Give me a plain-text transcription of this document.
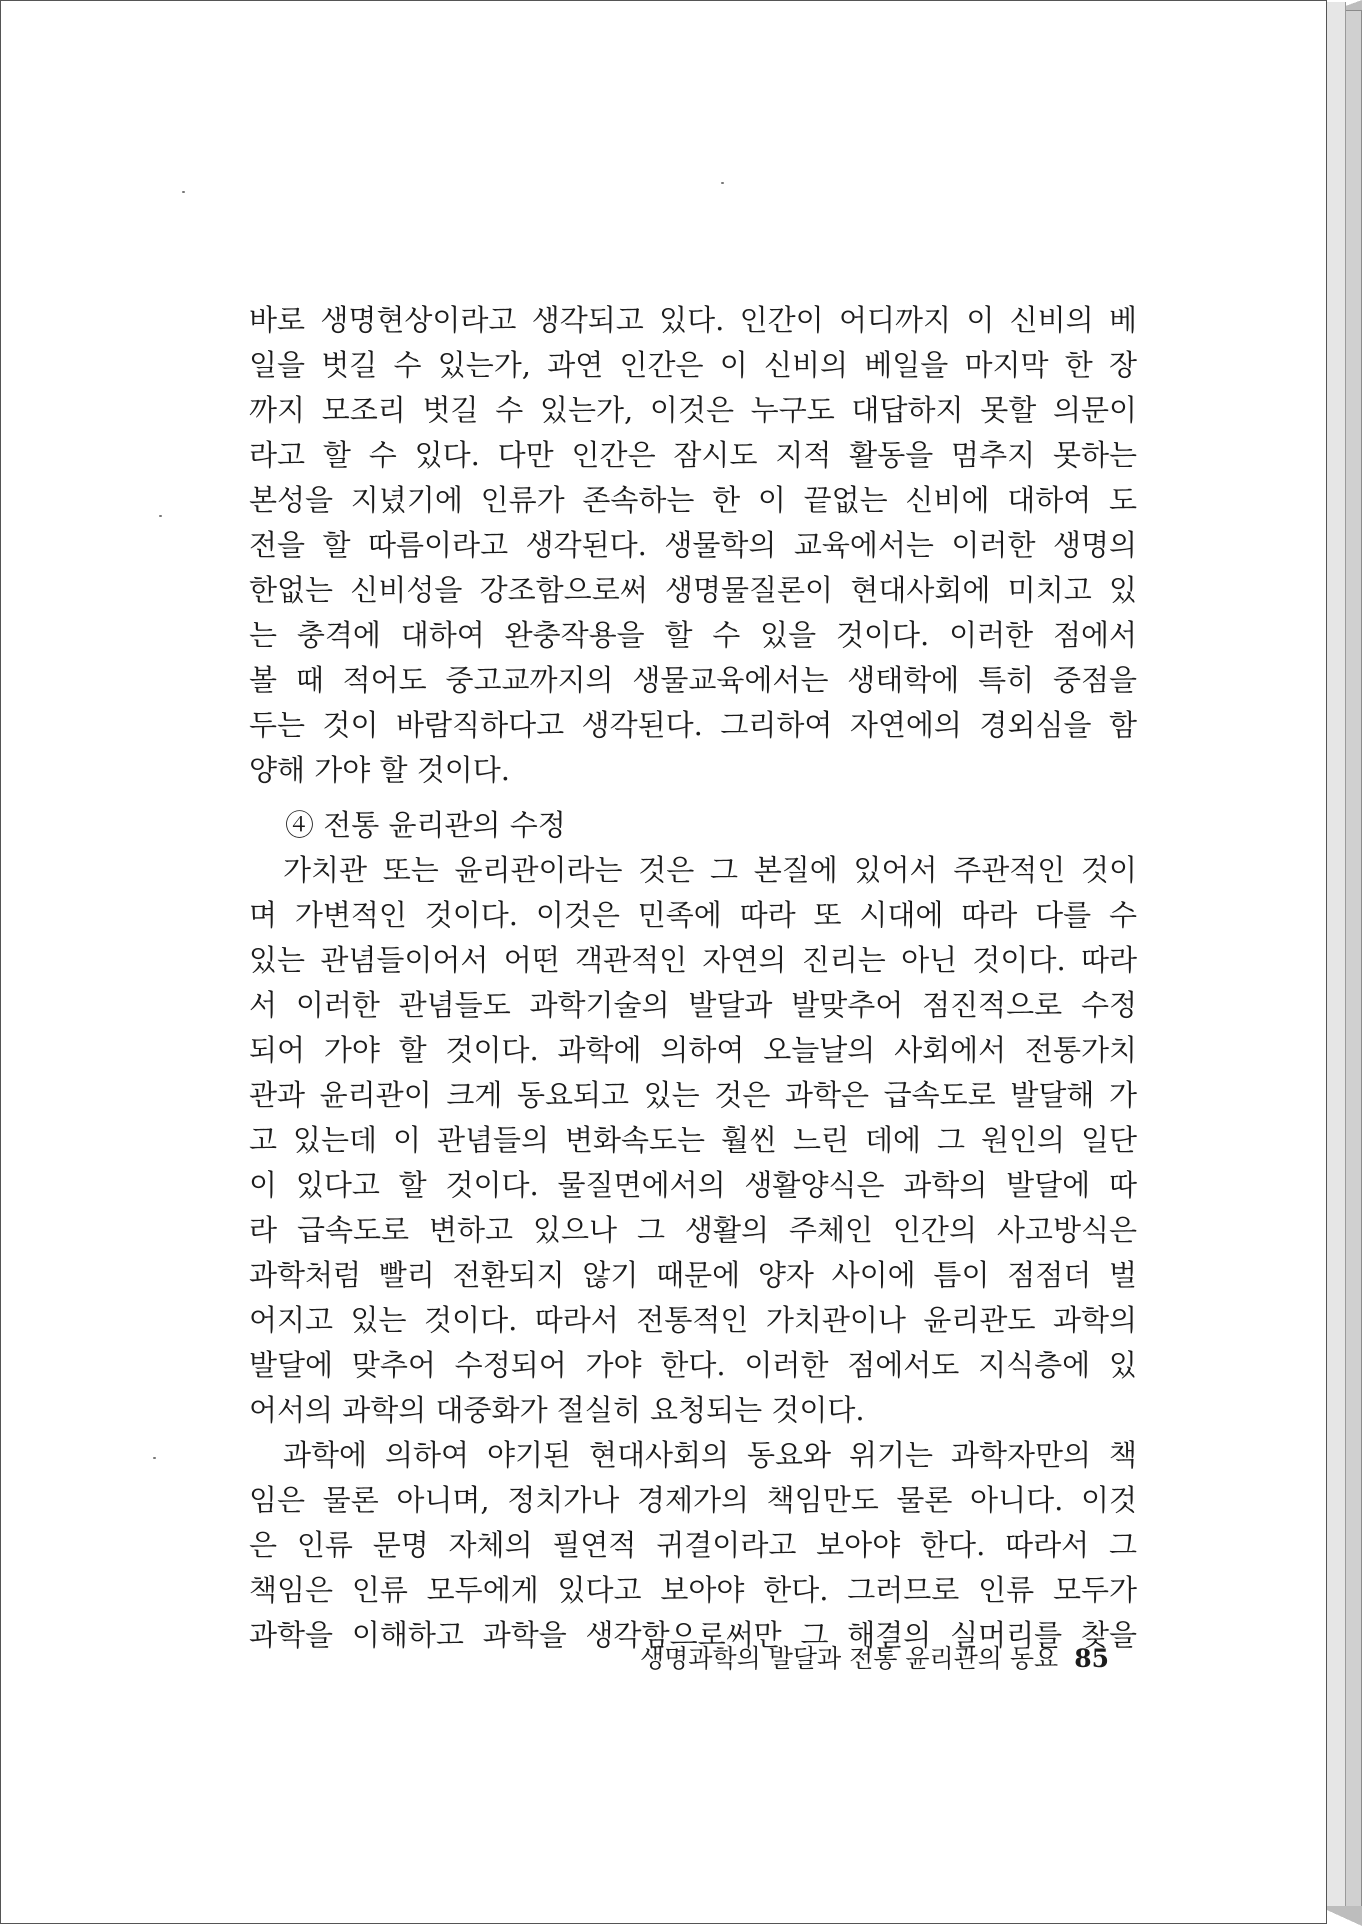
바로 생명현상이라고 생각되고 있다. 인간이 어디까지 이 신비의 베
일을 벗길 수 있는가, 과연 인간은 이 신비의 베일을 마지막 한 장
까지 모조리 벗길 수 있는가, 이것은 누구도 대답하지 못할 의문이
라고 할 수 있다. 다만 인간은 잠시도 지적 활동을 멈추지 못하는
본성을 지녔기에 인류가 존속하는 한 이 끝없는 신비에 대하여 도
전을 할 따름이라고 생각된다. 생물학의 교육에서는 이러한 생명의
한없는 신비성을 강조함으로써 생명물질론이 현대사회에 미치고 있
는 충격에 대하여 완충작용을 할 수 있을 것이다. 이러한 점에서
볼 때 적어도 중고교까지의 생물교육에서는 생태학에 특히 중점을
두는 것이 바람직하다고 생각된다. 그리하여 자연에의 경외심을 함
양해 가야 할 것이다.
④ 전통 윤리관의 수정
가치관 또는 윤리관이라는 것은 그 본질에 있어서 주관적인 것이
며 가변적인 것이다. 이것은 민족에 따라 또 시대에 따라 다를 수
있는 관념들이어서 어떤 객관적인 자연의 진리는 아닌 것이다. 따라
서 이러한 관념들도 과학기술의 발달과 발맞추어 점진적으로 수정
되어 가야 할 것이다. 과학에 의하여 오늘날의 사회에서 전통가치
관과 윤리관이 크게 동요되고 있는 것은 과학은 급속도로 발달해 가
고 있는데 이 관념들의 변화속도는 훨씬 느린 데에 그 원인의 일단
이 있다고 할 것이다. 물질면에서의 생활양식은 과학의 발달에 따
라 급속도로 변하고 있으나 그 생활의 주체인 인간의 사고방식은
과학처럼 빨리 전환되지 않기 때문에 양자 사이에 틈이 점점더 벌
어지고 있는 것이다. 따라서 전통적인 가치관이나 윤리관도 과학의
발달에 맞추어 수정되어 가야 한다. 이러한 점에서도 지식층에 있
어서의 과학의 대중화가 절실히 요청되는 것이다.
과학에 의하여 야기된 현대사회의 동요와 위기는 과학자만의 책
임은 물론 아니며, 정치가나 경제가의 책임만도 물론 아니다. 이것
은 인류 문명 자체의 필연적 귀결이라고 보아야 한다. 따라서 그
책임은 인류 모두에게 있다고 보아야 한다. 그러므로 인류 모두가
과학을 이해하고 과학을 생각함으로써만 그 해결의 실머리를 찾을
생명과학의 발달과 전통 윤리관의 동요 85
